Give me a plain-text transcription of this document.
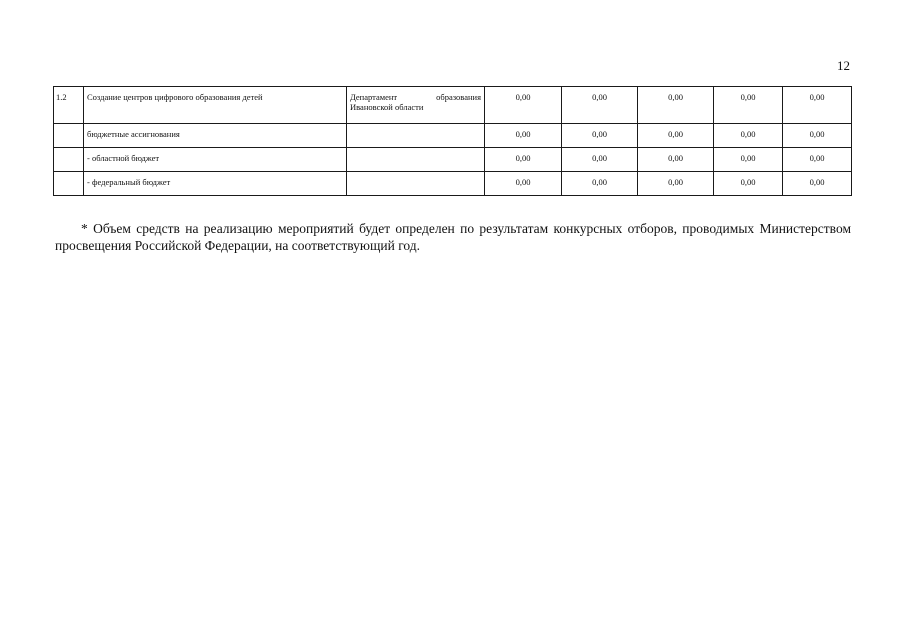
12
1.2	Создание центров цифрового образования детей	Департамент образования Ивановской области	0,00	0,00	0,00	0,00	0,00
	бюджетные ассигнования		0,00	0,00	0,00	0,00	0,00
	- областной бюджет		0,00	0,00	0,00	0,00	0,00
	- федеральный бюджет		0,00	0,00	0,00	0,00	0,00

* Объем средств на реализацию мероприятий будет определен по результатам конкурсных отборов, проводимых Министерством просвещения Российской Федерации, на соответствующий год.
